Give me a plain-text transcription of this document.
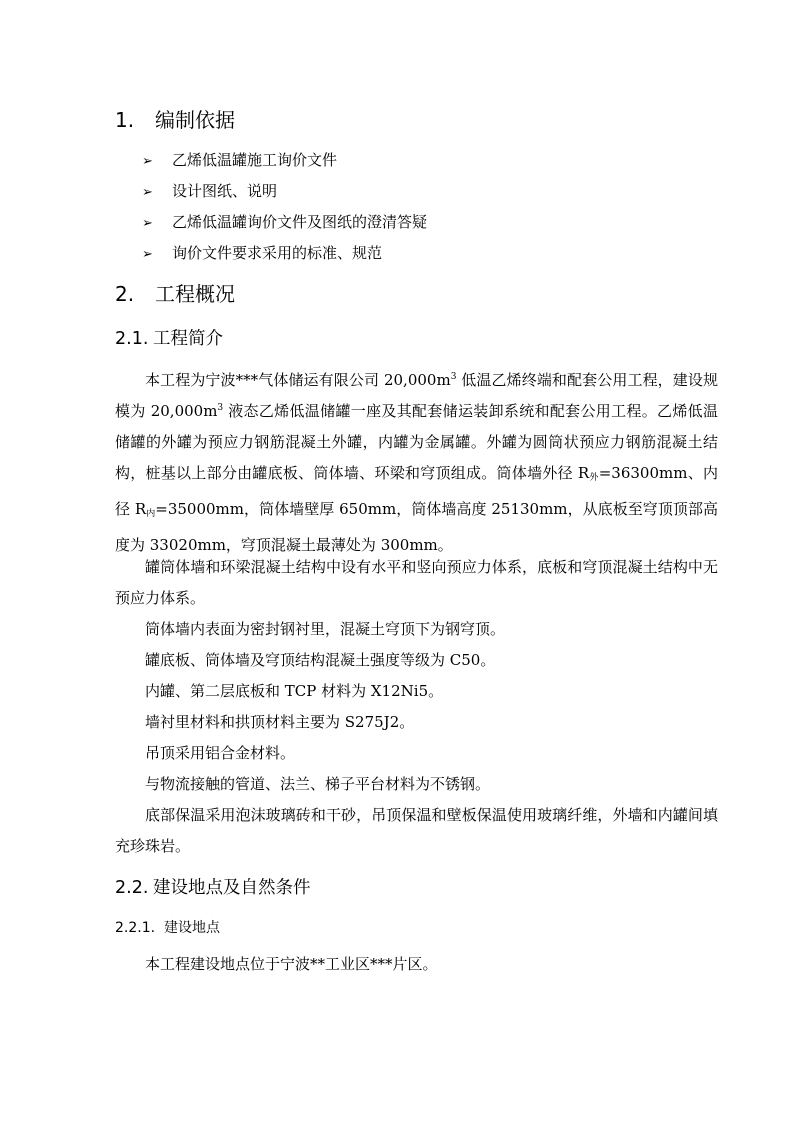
1. 编制依据
➢ 乙烯低温罐施工询价文件
➢ 设计图纸、说明
➢ 乙烯低温罐询价文件及图纸的澄清答疑
➢ 询价文件要求采用的标准、规范
2. 工程概况
2.1. 工程简介
本工程为宁波***气体储运有限公司 $20,000m^3$ 低温乙烯终端和配套公用工程，建设规模为 $20,000m^3$ 液态乙烯低温储罐一座及其配套储运装卸系统和配套公用工程。乙烯低温储罐的外罐为预应力钢筋混凝土外罐，内罐为金属罐。外罐为圆筒状预应力钢筋混凝土结构，桩基以上部分由罐底板、筒体墙、环梁和穹顶组成。筒体墙外径 $R_外=36300mm$、内径 $R_内=35000mm$，筒体墙壁厚 650mm，筒体墙高度 25130mm，从底板至穹顶顶部高度为 33020mm，穹顶混凝土最薄处为 300mm。
罐筒体墙和环梁混凝土结构中设有水平和竖向预应力体系，底板和穹顶混凝土结构中无预应力体系。
筒体墙内表面为密封钢衬里，混凝土穹顶下为钢穹顶。
罐底板、筒体墙及穹顶结构混凝土强度等级为 C50。
内罐、第二层底板和 TCP 材料为 X12Ni5。
墙衬里材料和拱顶材料主要为 S275J2。
吊顶采用铝合金材料。
与物流接触的管道、法兰、梯子平台材料为不锈钢。
底部保温采用泡沫玻璃砖和干砂，吊顶保温和壁板保温使用玻璃纤维，外墙和内罐间填充珍珠岩。
2.2. 建设地点及自然条件
2.2.1. 建设地点
本工程建设地点位于宁波**工业区***片区。
